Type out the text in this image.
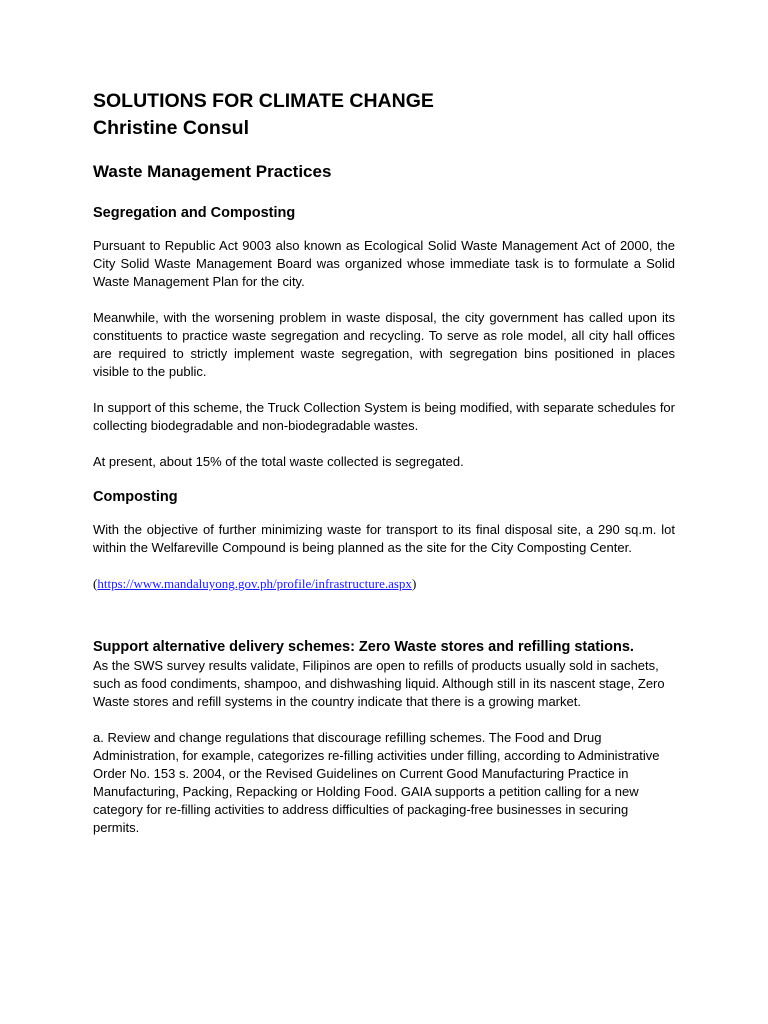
SOLUTIONS FOR CLIMATE CHANGE

Christine Consul

Waste Management Practices

Segregation and Composting

Pursuant to Republic Act 9003 also known as Ecological Solid Waste Management Act of 2000, the City Solid Waste Management Board was organized whose immediate task is to formulate a Solid Waste Management Plan for the city.

Meanwhile, with the worsening problem in waste disposal, the city government has called upon its constituents to practice waste segregation and recycling. To serve as role model, all city hall offices are required to strictly implement waste segregation, with segregation bins positioned in places visible to the public.

In support of this scheme, the Truck Collection System is being modified, with separate schedules for collecting biodegradable and non-biodegradable wastes.

At present, about 15% of the total waste collected is segregated.

Composting

With the objective of further minimizing waste for transport to its final disposal site, a 290 sq.m. lot within the Welfareville Compound is being planned as the site for the City Composting Center.

(https://www.mandaluyong.gov.ph/profile/infrastructure.aspx)

Support alternative delivery schemes: Zero Waste stores and refilling stations.

As the SWS survey results validate, Filipinos are open to refills of products usually sold in sachets, such as food condiments, shampoo, and dishwashing liquid. Although still in its nascent stage, Zero Waste stores and refill systems in the country indicate that there is a growing market.

a. Review and change regulations that discourage refilling schemes. The Food and Drug Administration, for example, categorizes re-filling activities under filling, according to Administrative Order No. 153 s. 2004, or the Revised Guidelines on Current Good Manufacturing Practice in Manufacturing, Packing, Repacking or Holding Food. GAIA supports a petition calling for a new category for re-filling activities to address difficulties of packaging-free businesses in securing permits.
